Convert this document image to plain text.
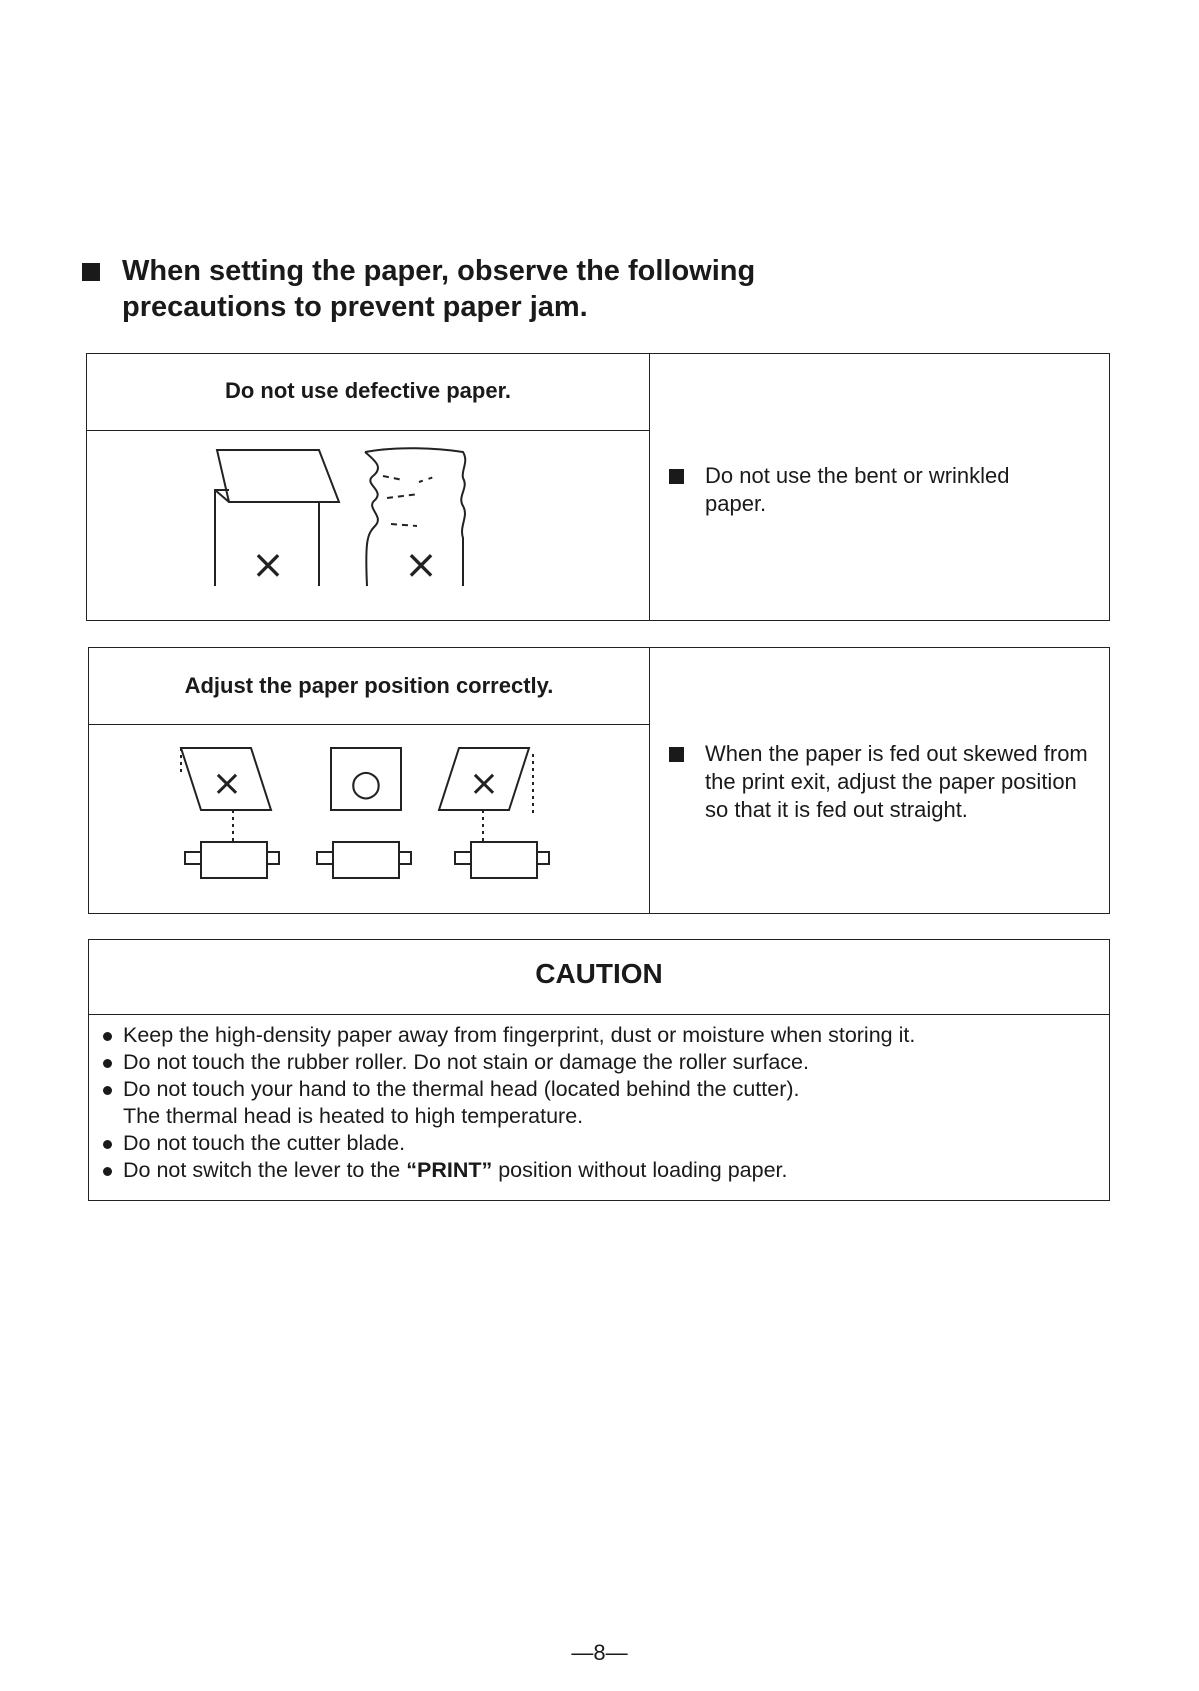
When setting the paper, observe the following precautions to prevent paper jam.
Do not use defective paper.
×	×
Do not use the bent or wrinkled paper.
Adjust the paper position correctly.
×	○ ×
When the paper is fed out skewed from the print exit, adjust the paper position so that it is fed out straight.
CAUTION
Keep the high-density paper away from fingerprint, dust or moisture when storing it.
Do not touch the rubber roller. Do not stain or damage the roller surface.
Do not touch your hand to the thermal head (located behind the cutter).
The thermal head is heated to high temperature.
Do not touch the cutter blade.
Do not switch the lever to the “PRINT” position without loading paper.
—8—
